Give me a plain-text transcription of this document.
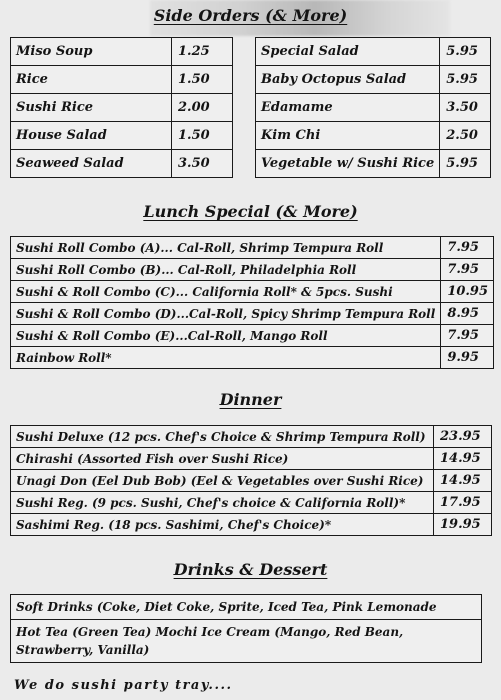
Side Orders (& More)
Miso Soup	1.25
Rice	1.50
Sushi Rice	2.00
House Salad	1.50
Seaweed Salad	3.50
Special Salad	5.95
Baby Octopus Salad	5.95
Edamame	3.50
Kim Chi	2.50
Vegetable w/ Sushi Rice	5.95
Lunch Special (& More)
Sushi Roll Combo (A)... Cal-Roll, Shrimp Tempura Roll	7.95
Sushi Roll Combo (B)... Cal-Roll, Philadelphia Roll	7.95
Sushi & Roll Combo (C)... California Roll* & 5pcs. Sushi	10.95
Sushi & Roll Combo (D)...Cal-Roll, Spicy Shrimp Tempura Roll	8.95
Sushi & Roll Combo (E)...Cal-Roll, Mango Roll	7.95
Rainbow Roll*	9.95
Dinner
Sushi Deluxe (12 pcs. Chef's Choice & Shrimp Tempura Roll)	23.95
Chirashi (Assorted Fish over Sushi Rice)	14.95
Unagi Don (Eel Dub Bob) (Eel & Vegetables over Sushi Rice)	14.95
Sushi Reg. (9 pcs. Sushi, Chef's choice & California Roll)*	17.95
Sashimi Reg. (18 pcs. Sashimi, Chef's Choice)*	19.95
Drinks & Dessert
Soft Drinks (Coke, Diet Coke, Sprite, Iced Tea, Pink Lemonade
Hot Tea (Green Tea) Mochi Ice Cream (Mango, Red Bean, Strawberry, Vanilla)
We do sushi party tray....
